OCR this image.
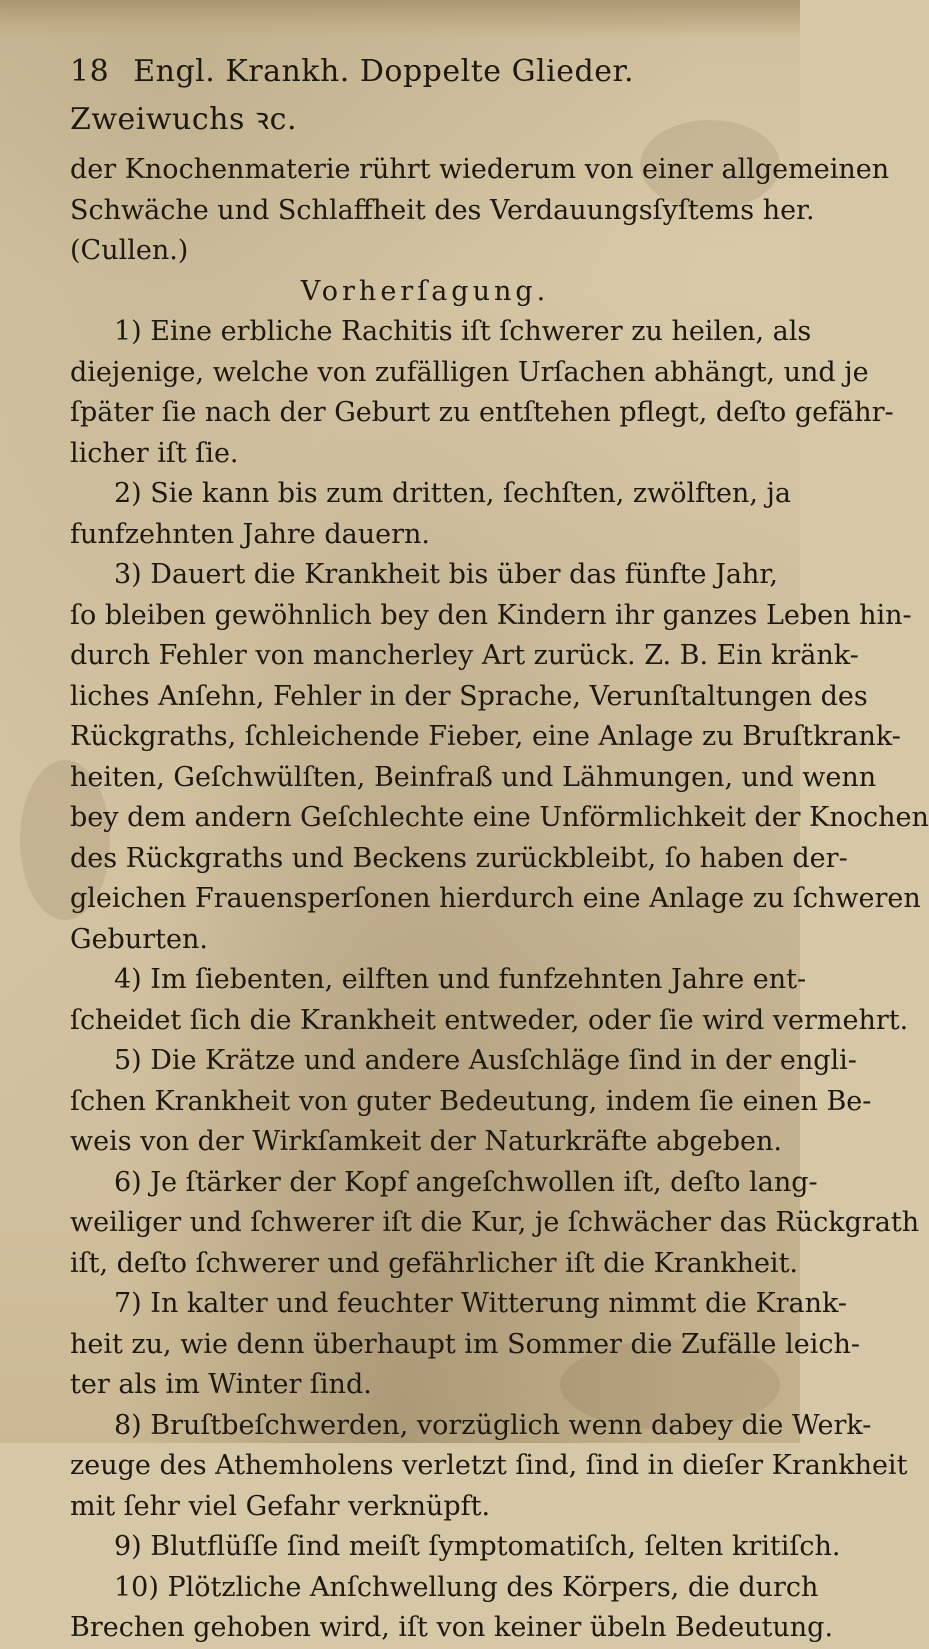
18 Engl. Krankh. Doppelte Glieder. Zweiwuchs ꝛc.
der Knochenmaterie rührt wiederum von einer allgemeinen
Schwäche und Schlaffheit des Verdauungsſyſtems her.
(Cullen.)
Vorherſagung.
1) Eine erbliche Rachitis iſt ſchwerer zu heilen, als
diejenige, welche von zufälligen Urſachen abhängt, und je
ſpäter ſie nach der Geburt zu entſtehen pflegt, deſto gefähr-
licher iſt ſie.
2) Sie kann bis zum dritten, ſechſten, zwölften, ja
funfzehnten Jahre dauern.
3) Dauert die Krankheit bis über das fünfte Jahr,
ſo bleiben gewöhnlich bey den Kindern ihr ganzes Leben hin-
durch Fehler von mancherley Art zurück. Z. B. Ein kränk-
liches Anſehn, Fehler in der Sprache, Verunſtaltungen des
Rückgraths, ſchleichende Fieber, eine Anlage zu Bruſtkrank-
heiten, Geſchwülſten, Beinfraß und Lähmungen, und wenn
bey dem andern Geſchlechte eine Unförmlichkeit der Knochen
des Rückgraths und Beckens zurückbleibt, ſo haben der-
gleichen Frauensperſonen hierdurch eine Anlage zu ſchweren
Geburten.
4) Im ſiebenten, eilften und funfzehnten Jahre ent-
ſcheidet ſich die Krankheit entweder, oder ſie wird vermehrt.
5) Die Krätze und andere Ausſchläge ſind in der engli-
ſchen Krankheit von guter Bedeutung, indem ſie einen Be-
weis von der Wirkſamkeit der Naturkräfte abgeben.
6) Je ſtärker der Kopf angeſchwollen iſt, deſto lang-
weiliger und ſchwerer iſt die Kur, je ſchwächer das Rückgrath
iſt, deſto ſchwerer und gefährlicher iſt die Krankheit.
7) In kalter und feuchter Witterung nimmt die Krank-
heit zu, wie denn überhaupt im Sommer die Zufälle leich-
ter als im Winter ſind.
8) Bruſtbeſchwerden, vorzüglich wenn dabey die Werk-
zeuge des Athemholens verletzt ſind, ſind in dieſer Krankheit
mit ſehr viel Gefahr verknüpft.
9) Blutflüſſe ſind meiſt ſymptomatiſch, ſelten kritiſch.
10) Plötzliche Anſchwellung des Körpers, die durch
Brechen gehoben wird, iſt von keiner übeln Bedeutung.
